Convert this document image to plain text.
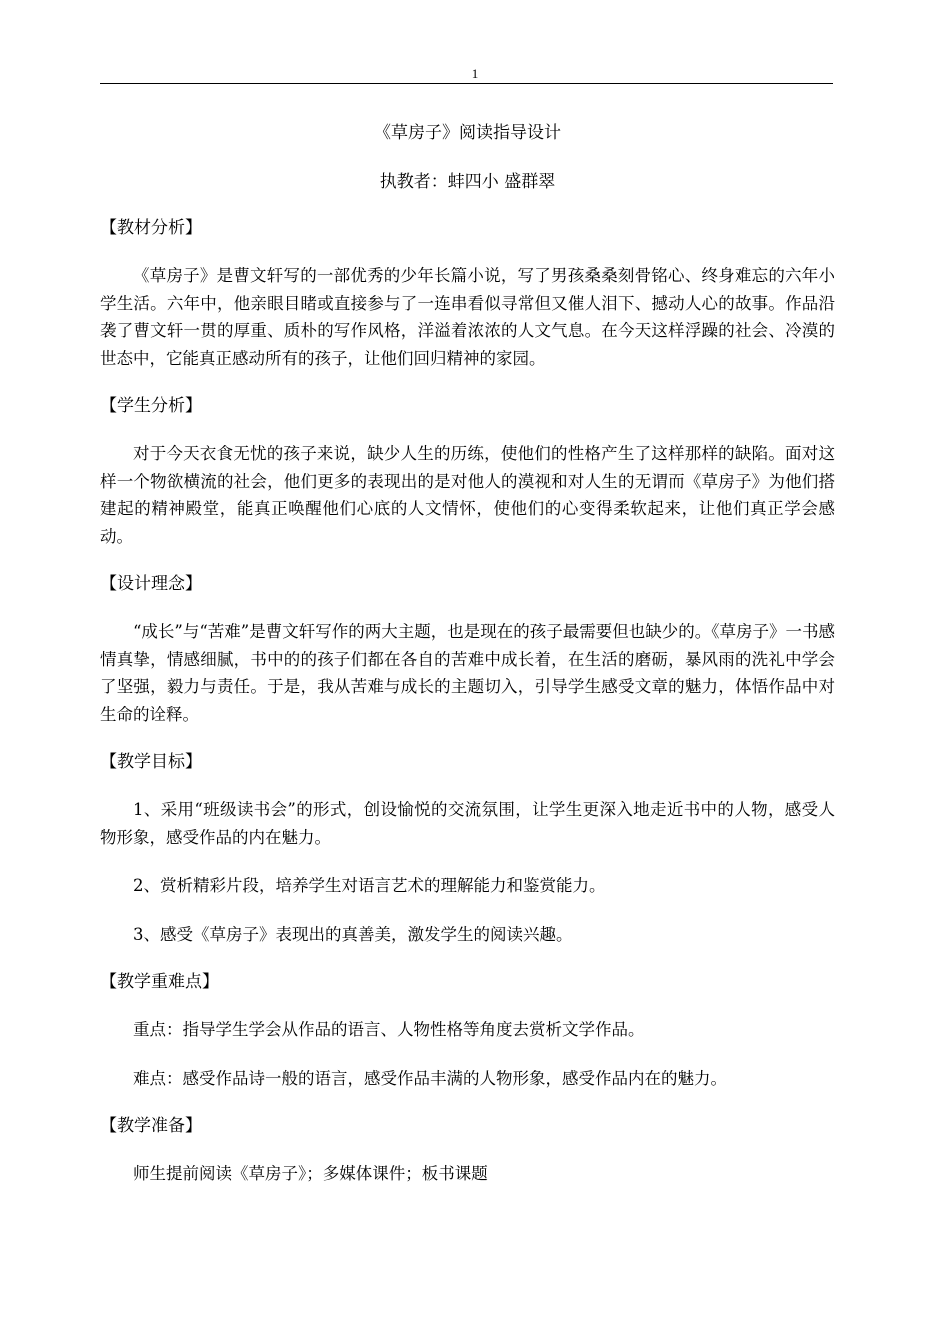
1

《草房子》阅读指导设计

执教者：蚌四小 盛群翠

【教材分析】

《草房子》是曹文轩写的一部优秀的少年长篇小说，写了男孩桑桑刻骨铭心、终身难忘的六年小学生活。六年中，他亲眼目睹或直接参与了一连串看似寻常但又催人泪下、撼动人心的故事。作品沿袭了曹文轩一贯的厚重、质朴的写作风格，洋溢着浓浓的人文气息。在今天这样浮躁的社会、冷漠的世态中，它能真正感动所有的孩子，让他们回归精神的家园。

【学生分析】

对于今天衣食无忧的孩子来说，缺少人生的历练，使他们的性格产生了这样那样的缺陷。面对这样一个物欲横流的社会，他们更多的表现出的是对他人的漠视和对人生的无谓而《草房子》为他们搭建起的精神殿堂，能真正唤醒他们心底的人文情怀，使他们的心变得柔软起来，让他们真正学会感动。

【设计理念】

“成长”与“苦难”是曹文轩写作的两大主题，也是现在的孩子最需要但也缺少的。《草房子》一书感情真挚，情感细腻，书中的的孩子们都在各自的苦难中成长着，在生活的磨砺，暴风雨的洗礼中学会了坚强，毅力与责任。于是，我从苦难与成长的主题切入，引导学生感受文章的魅力，体悟作品中对生命的诠释。

【教学目标】

1、采用“班级读书会”的形式，创设愉悦的交流氛围，让学生更深入地走近书中的人物，感受人物形象，感受作品的内在魅力。

2、赏析精彩片段，培养学生对语言艺术的理解能力和鉴赏能力。

3、感受《草房子》表现出的真善美，激发学生的阅读兴趣。

【教学重难点】

重点：指导学生学会从作品的语言、人物性格等角度去赏析文学作品。

难点：感受作品诗一般的语言，感受作品丰满的人物形象，感受作品内在的魅力。

【教学准备】

师生提前阅读《草房子》；多媒体课件；板书课题
